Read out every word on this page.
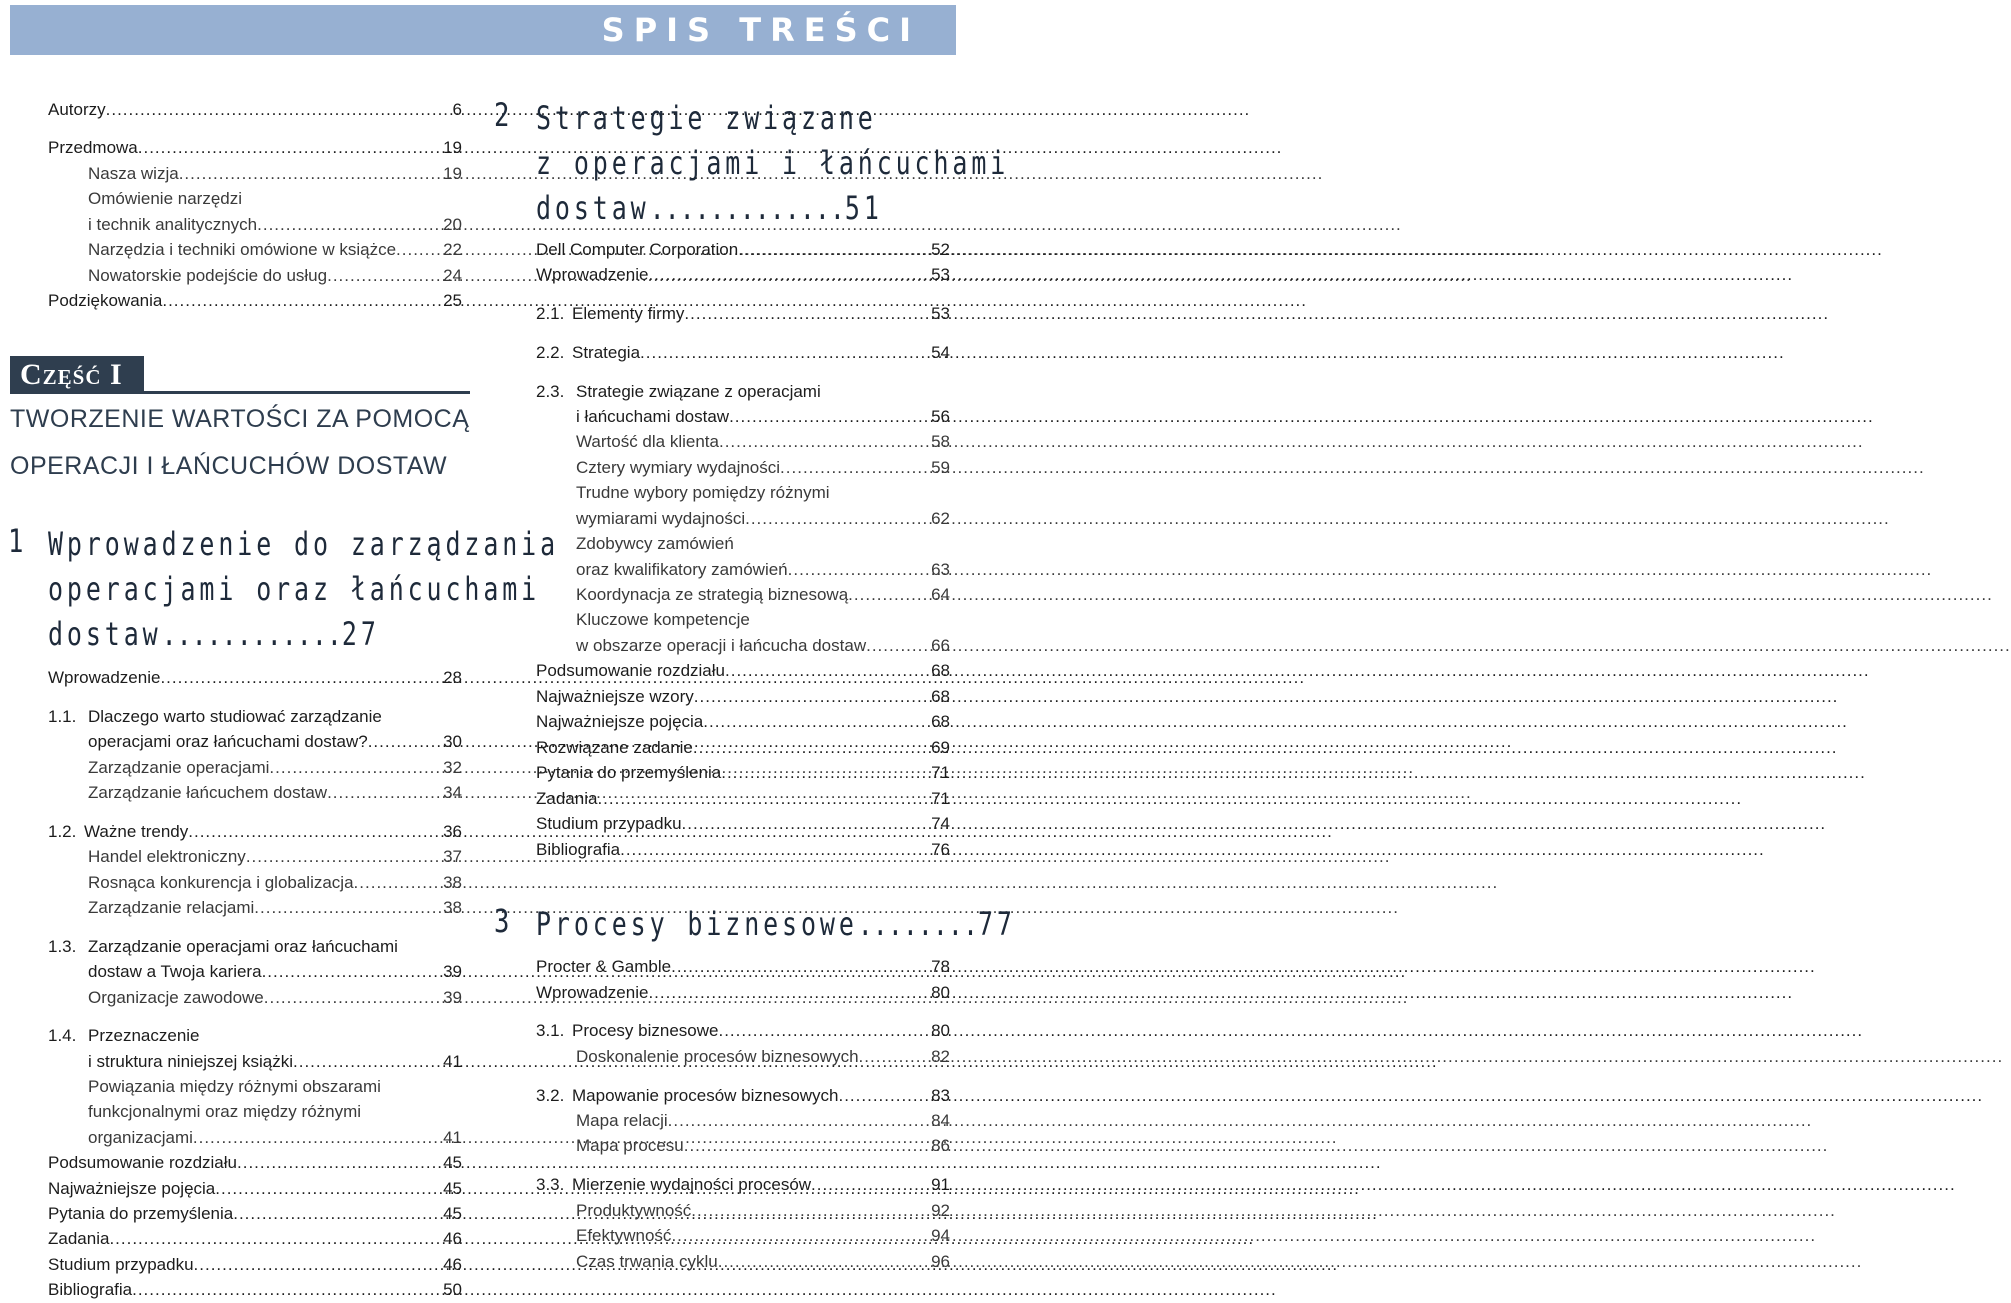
SPIS TREŚCI
Autorzy .....	6
Przedmowa .....	19
Nasza wizja .....	19
Omówienie narzędzi
i technik analitycznych .....	20
Narzędzia i techniki omówione w książce .....	22
Nowatorskie podejście do usług .....	24
Podziękowania .....	25
Część I
TWORZENIE WARTOŚCI ZA POMOCĄ
OPERACJI I ŁAŃCUCHÓW DOSTAW
1 Wprowadzenie do zarządzania
operacjami oraz łańcuchami
dostaw............27
Wprowadzenie .....	28
1.1. Dlaczego warto studiować zarządzanie
operacjami oraz łańcuchami dostaw? .....	30
Zarządzanie operacjami .....	32
Zarządzanie łańcuchem dostaw .....	34
1.2. Ważne trendy .....	36
Handel elektroniczny .....	37
Rosnąca konkurencja i globalizacja .....	38
Zarządzanie relacjami .....	38
1.3. Zarządzanie operacjami oraz łańcuchami
dostaw a Twoja kariera .....	39
Organizacje zawodowe .....	39
1.4. Przeznaczenie
i struktura niniejszej książki .....	41
Powiązania między różnymi obszarami
funkcjonalnymi oraz między różnymi
organizacjami .....	41
Podsumowanie rozdziału .....	45
Najważniejsze pojęcia .....	45
Pytania do przemyślenia .....	45
Zadania .....	46
Studium przypadku .....	46
Bibliografia .....	50
2 Strategie związane
z operacjami i łańcuchami
dostaw.............51
Dell Computer Corporation .....	52
Wprowadzenie .....	53
2.1. Elementy firmy .....	53
2.2. Strategia .....	54
2.3. Strategie związane z operacjami
i łańcuchami dostaw .....	56
Wartość dla klienta .....	58
Cztery wymiary wydajności .....	59
Trudne wybory pomiędzy różnymi
wymiarami wydajności .....	62
Zdobywcy zamówień
oraz kwalifikatory zamówień .....	63
Koordynacja ze strategią biznesową .....	64
Kluczowe kompetencje
w obszarze operacji i łańcucha dostaw .....	66
Podsumowanie rozdziału .....	68
Najważniejsze wzory .....	68
Najważniejsze pojęcia .....	68
Rozwiązane zadanie .....	69
Pytania do przemyślenia .....	71
Zadania .....	71
Studium przypadku .....	74
Bibliografia .....	76
3 Procesy biznesowe........77
Procter & Gamble .....	78
Wprowadzenie .....	80
3.1. Procesy biznesowe .....	80
Doskonalenie procesów biznesowych .....	82
3.2. Mapowanie procesów biznesowych .....	83
Mapa relacji .....	84
Mapa procesu .....	86
3.3. Mierzenie wydajności procesów .....	91
Produktywność .....	92
Efektywność .....	94
Czas trwania cyklu .....	96
